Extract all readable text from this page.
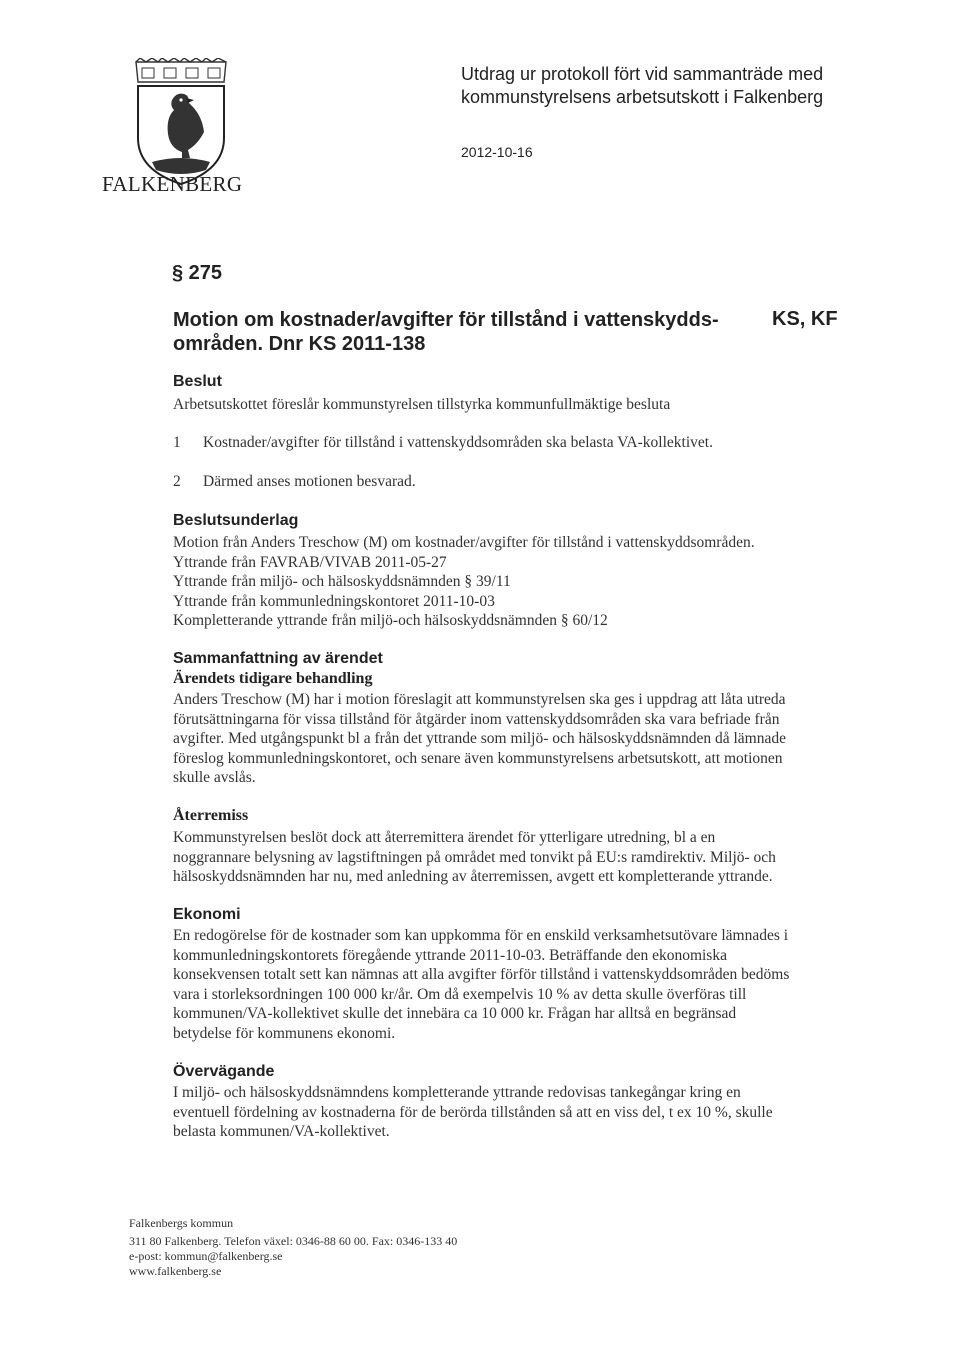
FALKENBERG
Utdrag ur protokoll fört vid sammanträde med
kommunstyrelsens arbetsutskott i Falkenberg
2012-10-16
§ 275
Motion om kostnader/avgifter för tillstånd i vattenskydds-
områden. Dnr KS 2011-138
KS, KF
Beslut
Arbetsutskottet föreslår kommunstyrelsen tillstyrka kommunfullmäktige besluta
1	Kostnader/avgifter för tillstånd i vattenskyddsområden ska belasta VA-kollektivet.
2	Därmed anses motionen besvarad.
Beslutsunderlag
Motion från Anders Treschow (M) om kostnader/avgifter för tillstånd i vattenskyddsområden.
Yttrande från FAVRAB/VIVAB 2011-05-27
Yttrande från miljö- och hälsoskyddsnämnden § 39/11
Yttrande från kommunledningskontoret 2011-10-03
Kompletterande yttrande från miljö-och hälsoskyddsnämnden § 60/12
Sammanfattning av ärendet
Ärendets tidigare behandling
Anders Treschow (M) har i motion föreslagit att kommunstyrelsen ska ges i uppdrag att låta utreda
förutsättningarna för vissa tillstånd för åtgärder inom vattenskyddsområden ska vara befriade från
avgifter. Med utgångspunkt bl a från det yttrande som miljö- och hälsoskyddsnämnden då lämnade
föreslog kommunledningskontoret, och senare även kommunstyrelsens arbetsutskott, att motionen
skulle avslås.
Återremiss
Kommunstyrelsen beslöt dock att återremittera ärendet för ytterligare utredning, bl a en
noggrannare belysning av lagstiftningen på området med tonvikt på EU:s ramdirektiv. Miljö- och
hälsoskyddsnämnden har nu, med anledning av återremissen, avgett ett kompletterande yttrande.
Ekonomi
En redogörelse för de kostnader som kan uppkomma för en enskild verksamhetsutövare lämnades i
kommunledningskontorets föregående yttrande 2011-10-03. Beträffande den ekonomiska
konsekvensen totalt sett kan nämnas att alla avgifter förför tillstånd i vattenskyddsområden bedöms
vara i storleksordningen 100 000 kr/år. Om då exempelvis 10 % av detta skulle överföras till
kommunen/VA-kollektivet skulle det innebära ca 10 000 kr. Frågan har alltså en begränsad
betydelse för kommunens ekonomi.
Övervägande
I miljö- och hälsoskyddsnämndens kompletterande yttrande redovisas tankegångar kring en
eventuell fördelning av kostnaderna för de berörda tillstånden så att en viss del, t ex 10 %, skulle
belasta kommunen/VA-kollektivet.
Falkenbergs kommun
311 80 Falkenberg. Telefon växel: 0346-88 60 00. Fax: 0346-133 40
e-post: kommun@falkenberg.se
www.falkenberg.se
